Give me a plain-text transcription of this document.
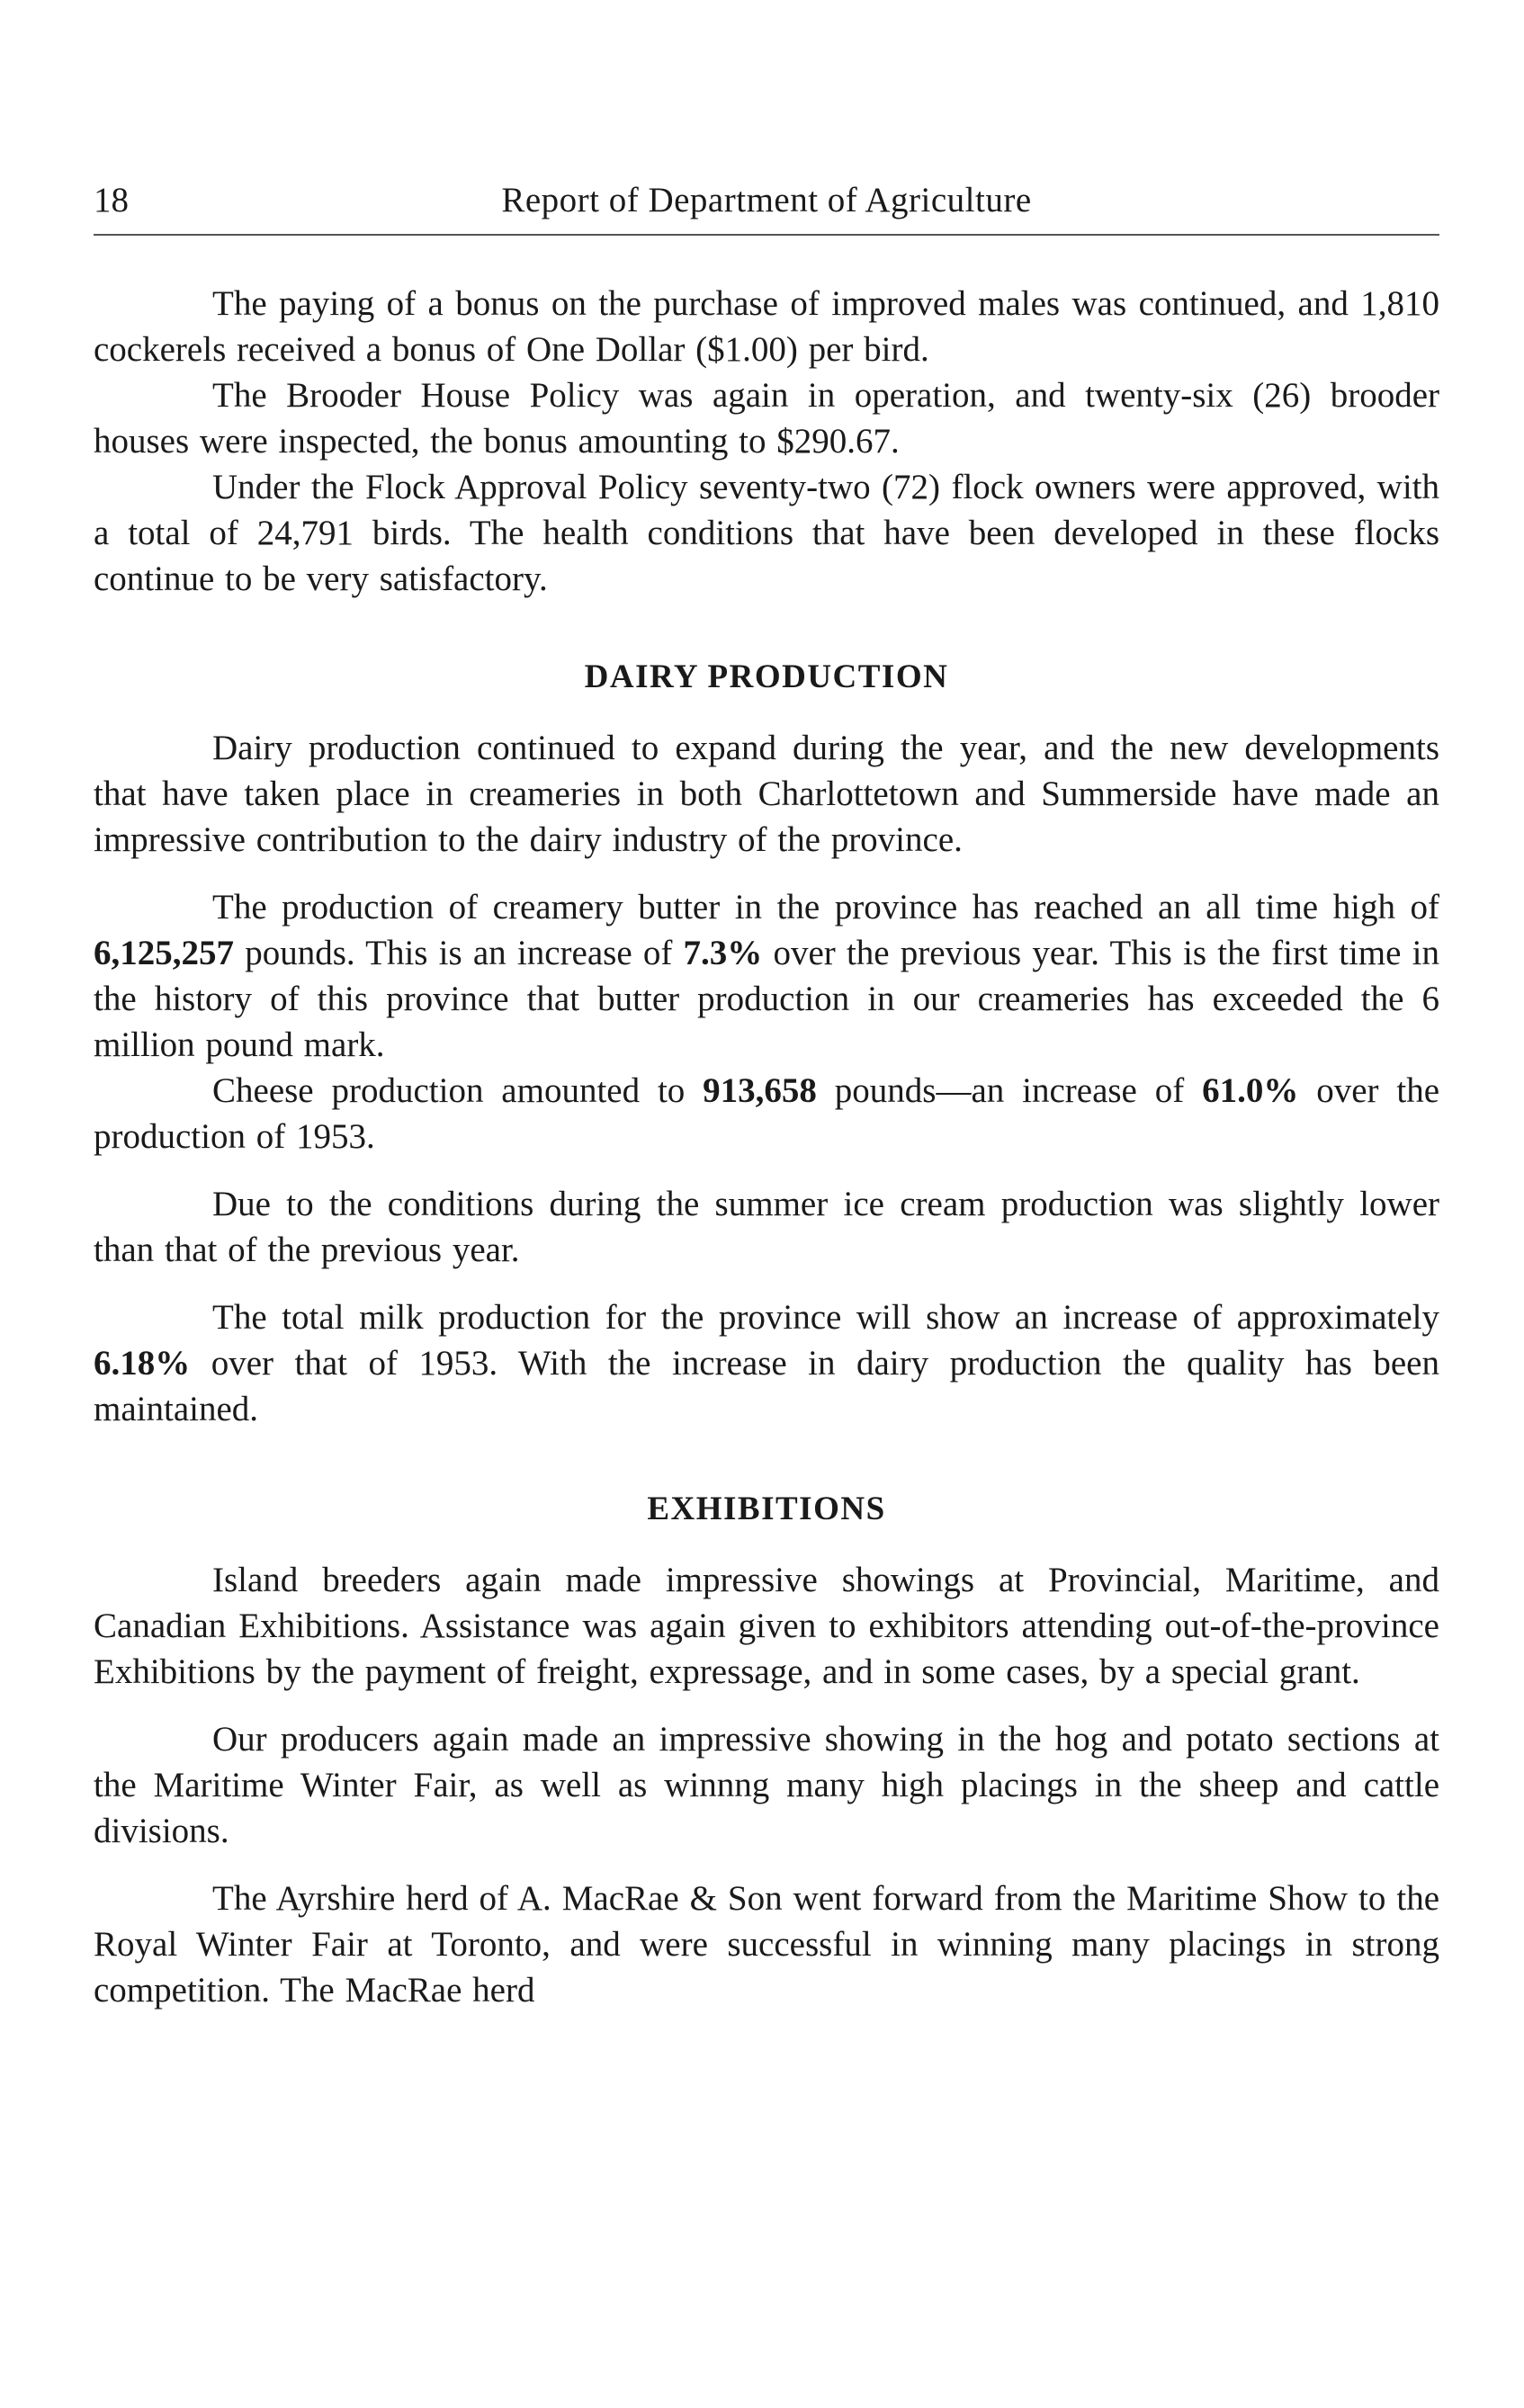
18	Report of Department of Agriculture

The paying of a bonus on the purchase of improved males was continued, and 1,810 cockerels received a bonus of One Dollar ($1.00) per bird.

The Brooder House Policy was again in operation, and twenty-six (26) brooder houses were inspected, the bonus amounting to $290.67.

Under the Flock Approval Policy seventy-two (72) flock owners were approved, with a total of 24,791 birds. The health conditions that have been developed in these flocks continue to be very satisfactory.

DAIRY PRODUCTION

Dairy production continued to expand during the year, and the new developments that have taken place in creameries in both Charlottetown and Summerside have made an impressive contribution to the dairy industry of the province.

The production of creamery butter in the province has reached an all time high of 6,125,257 pounds. This is an increase of 7.3% over the previous year. This is the first time in the history of this province that butter production in our creameries has exceeded the 6 million pound mark.

Cheese production amounted to 913,658 pounds—an increase of 61.0% over the production of 1953.

Due to the conditions during the summer ice cream production was slightly lower than that of the previous year.

The total milk production for the province will show an increase of approximately 6.18% over that of 1953. With the increase in dairy production the quality has been maintained.

EXHIBITIONS

Island breeders again made impressive showings at Provincial, Maritime, and Canadian Exhibitions. Assistance was again given to exhibitors attending out-of-the-province Exhibitions by the payment of freight, expressage, and in some cases, by a special grant.

Our producers again made an impressive showing in the hog and potato sections at the Maritime Winter Fair, as well as winnng many high placings in the sheep and cattle divisions.

The Ayrshire herd of A. MacRae & Son went forward from the Maritime Show to the Royal Winter Fair at Toronto, and were successful in winning many placings in strong competition. The MacRae herd
